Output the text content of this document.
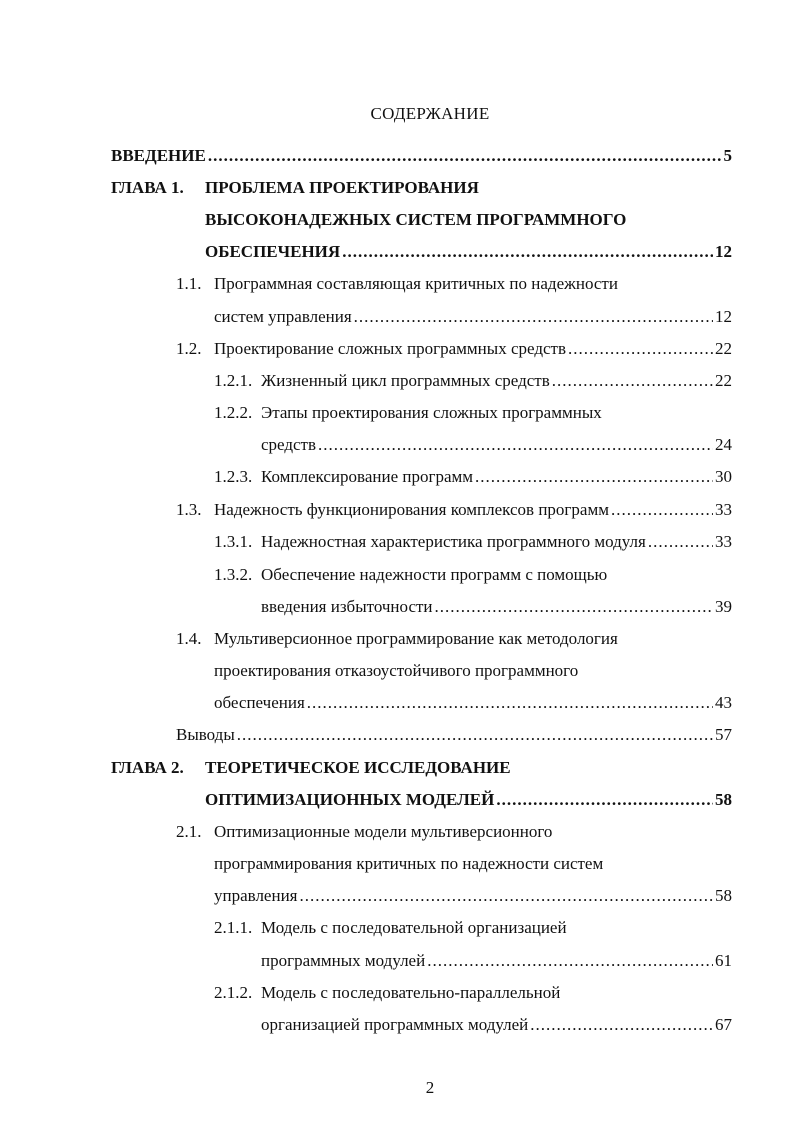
СОДЕРЖАНИЕ
ВВЕДЕНИЕ .....	5
ГЛАВА 1. ПРОБЛЕМА ПРОЕКТИРОВАНИЯ
ВЫСОКОНАДЕЖНЫХ СИСТЕМ ПРОГРАММНОГО
ОБЕСПЕЧЕНИЯ .....	12
1.1. Программная составляющая критичных по надежности
систем управления .....	12
1.2. Проектирование сложных программных средств .....	22
1.2.1. Жизненный цикл программных средств .....	22
1.2.2. Этапы проектирования сложных программных
средств .....	24
1.2.3. Комплексирование программ .....	30
1.3. Надежность функционирования комплексов программ .....	33
1.3.1. Надежностная характеристика программного модуля .....	33
1.3.2. Обеспечение надежности программ с помощью
введения избыточности .....	39
1.4. Мультиверсионное программирование как методология
проектирования отказоустойчивого программного
обеспечения .....	43
Выводы .....	57
ГЛАВА 2. ТЕОРЕТИЧЕСКОЕ ИССЛЕДОВАНИЕ
ОПТИМИЗАЦИОННЫХ МОДЕЛЕЙ .....	58
2.1. Оптимизационные модели мультиверсионного
программирования критичных по надежности систем
управления .....	58
2.1.1. Модель с последовательной организацией
программных модулей .....	61
2.1.2. Модель с последовательно-параллельной
организацией программных модулей .....	67
2
